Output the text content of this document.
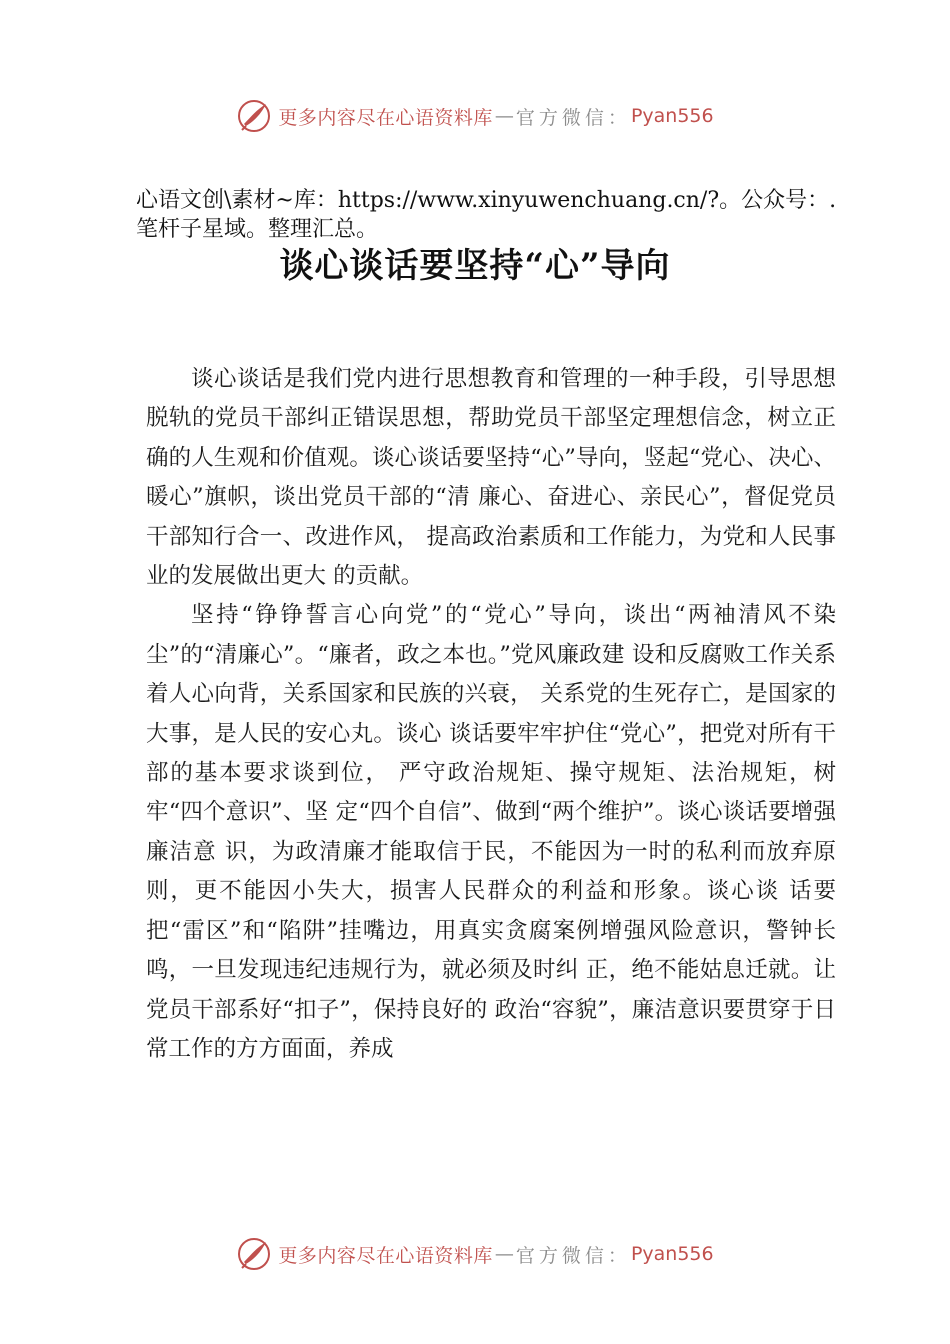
更多内容尽在心语资料库 — 官方微信： Pyan556

心语文创\素材~库：https://www.xinyuwenchuang.cn/?。公众号：.笔杆子星域。整理汇总。

谈心谈话要坚持“心”导向

谈心谈话是我们党内进行思想教育和管理的一种手段，引导思想脱轨的党员干部纠正错误思想，帮助党员干部坚定理想信念，树立正确的人生观和价值观。谈心谈话要坚持“心”导向，竖起“党心、决心、暖心”旗帜，谈出党员干部的“清 廉心、奋进心、亲民心”，督促党员干部知行合一、改进作风， 提高政治素质和工作能力，为党和人民事业的发展做出更大 的贡献。

坚持“铮铮誓言心向党”的“党心”导向，谈出“两袖清风不染尘”的“清廉心”。“廉者，政之本也。”党风廉政建 设和反腐败工作关系着人心向背，关系国家和民族的兴衰， 关系党的生死存亡，是国家的大事，是人民的安心丸。谈心 谈话要牢牢护住“党心”，把党对所有干部的基本要求谈到位， 严守政治规矩、操守规矩、法治规矩，树牢“四个意识”、坚 定“四个自信”、做到“两个维护”。谈心谈话要增强廉洁意 识，为政清廉才能取信于民，不能因为一时的私利而放弃原 则，更不能因小失大，损害人民群众的利益和形象。谈心谈 话要把“雷区”和“陷阱”挂嘴边，用真实贪腐案例增强风险意识，警钟长鸣，一旦发现违纪违规行为，就必须及时纠 正，绝不能姑息迁就。让党员干部系好“扣子”，保持良好的 政治“容貌”，廉洁意识要贯穿于日常工作的方方面面，养成

更多内容尽在心语资料库 — 官方微信： Pyan556
